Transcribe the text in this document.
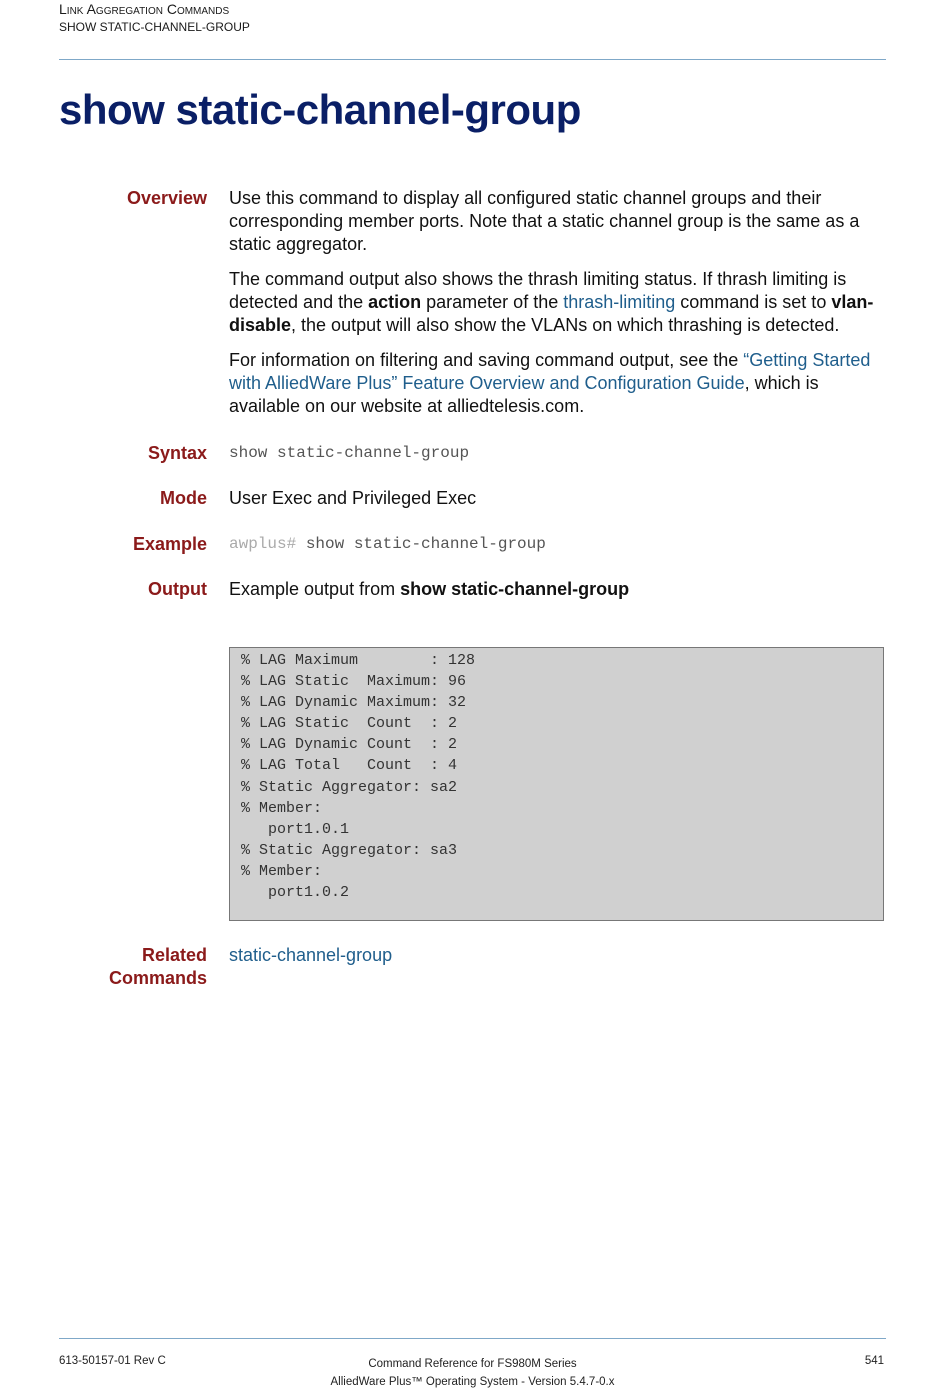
Link Aggregation Commands
SHOW STATIC-CHANNEL-GROUP
show static-channel-group
Overview Use this command to display all configured static channel groups and their corresponding member ports. Note that a static channel group is the same as a static aggregator.

The command output also shows the thrash limiting status. If thrash limiting is detected and the action parameter of the thrash-limiting command is set to vlan-disable, the output will also show the VLANs on which thrashing is detected.

For information on filtering and saving command output, see the “Getting Started with AlliedWare Plus” Feature Overview and Configuration Guide, which is available on our website at alliedtelesis.com.

Syntax show static-channel-group
Mode User Exec and Privileged Exec
Example awplus# show static-channel-group
Output Example output from show static-channel-group
% LAG Maximum        : 128
% LAG Static  Maximum: 96
% LAG Dynamic Maximum: 32
% LAG Static  Count  : 2
% LAG Dynamic Count  : 2
% LAG Total   Count  : 4
% Static Aggregator: sa2
% Member:
port1.0.1
% Static Aggregator: sa3
% Member:
port1.0.2
Related
Commands
static-channel-group
613-50157-01 Rev C	Command Reference for FS980M Series
AlliedWare Plus™ Operating System - Version 5.4.7-0.x
541
